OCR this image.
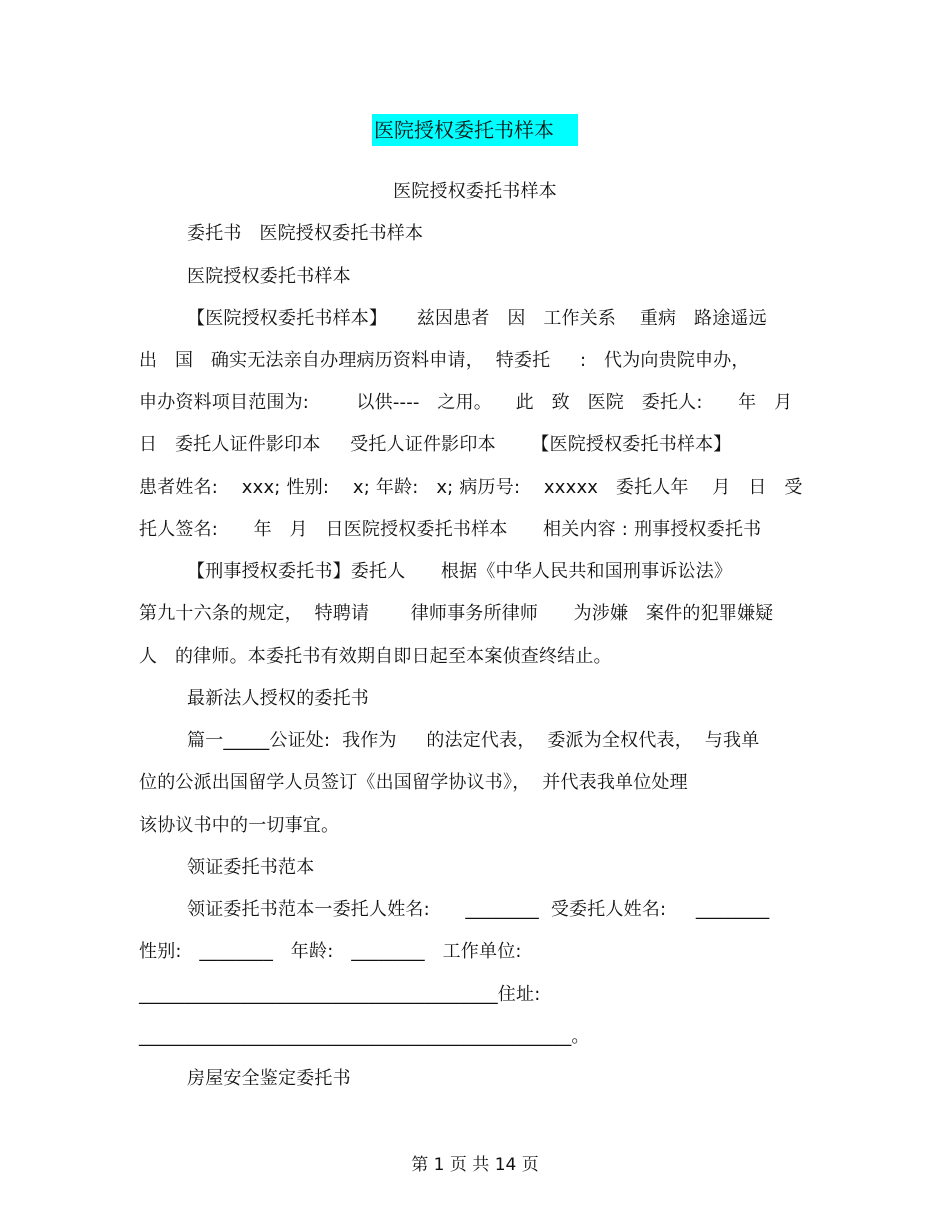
医院授权委托书样本
医院授权委托书样本
委托书   医院授权委托书样本
医院授权委托书样本
【医院授权委托书样本】     兹因患者   因   工作关系    重病   路途遥远
出   国   确实无法亲自办理病历资料申请，  特委托     :   代为向贵院申办，
申办资料项目范围为:        以供----   之用。    此   致   医院   委托人:      年   月
日   委托人证件影印本     受托人证件影印本      【医院授权委托书样本】
患者姓名:    xxx; 性别:    x; 年龄:   x; 病历号:    xxxxx   委托人年    月   日   受
托人签名:      年   月   日医院授权委托书样本      相关内容 : 刑事授权委托书
【刑事授权委托书】委托人      根据《中华人民共和国刑事诉讼法》
第九十六条的规定，  特聘请       律师事务所律师      为涉嫌   案件的犯罪嫌疑
人   的律师。本委托书有效期自即日起至本案侦查终结止。
最新法人授权的委托书
篇一_____公证处:  我作为     的法定代表，  委派为全权代表，  与我单
位的公派出国留学人员签订《出国留学协议书》，  并代表我单位处理
该协议书中的一切事宜。
领证委托书范本
领证委托书范本一委托人姓名:      ________  受委托人姓名:     ________
性别:   ________   年龄:   ________   工作单位:
_______________________________________住址:
_______________________________________________。
房屋安全鉴定委托书
第 1 页 共 14 页
